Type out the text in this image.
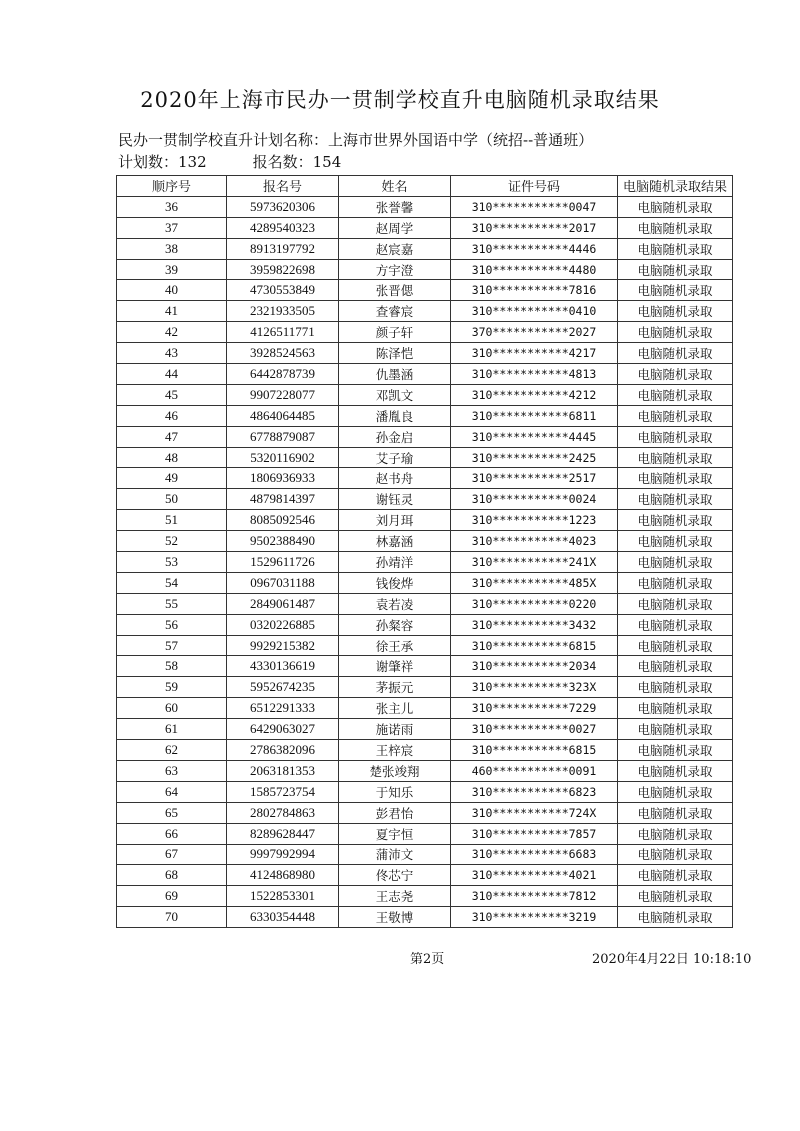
2020年上海市民办一贯制学校直升电脑随机录取结果
民办一贯制学校直升计划名称：上海市世界外国语中学（统招--普通班）
计划数：132	报名数：154
顺序号	报名号	姓名	证件号码	电脑随机录取结果
36	5973620306	张誉馨	310***********0047	电脑随机录取
37	4289540323	赵周学	310***********2017	电脑随机录取
38	8913197792	赵宸嘉	310***********4446	电脑随机录取
39	3959822698	方宇澄	310***********4480	电脑随机录取
40	4730553849	张晋偲	310***********7816	电脑随机录取
41	2321933505	查睿宸	310***********0410	电脑随机录取
42	4126511771	颜子轩	370***********2027	电脑随机录取
43	3928524563	陈泽恺	310***********4217	电脑随机录取
44	6442878739	仇墨涵	310***********4813	电脑随机录取
45	9907228077	邓凯文	310***********4212	电脑随机录取
46	4864064485	潘胤良	310***********6811	电脑随机录取
47	6778879087	孙金启	310***********4445	电脑随机录取
48	5320116902	艾子瑜	310***********2425	电脑随机录取
49	1806936933	赵书舟	310***********2517	电脑随机录取
50	4879814397	谢钰灵	310***********0024	电脑随机录取
51	8085092546	刘月珥	310***********1223	电脑随机录取
52	9502388490	林嘉涵	310***********4023	电脑随机录取
53	1529611726	孙靖洋	310***********241X	电脑随机录取
54	0967031188	钱俊烨	310***********485X	电脑随机录取
55	2849061487	袁若凌	310***********0220	电脑随机录取
56	0320226885	孙粲容	310***********3432	电脑随机录取
57	9929215382	徐王承	310***********6815	电脑随机录取
58	4330136619	谢肇祥	310***********2034	电脑随机录取
59	5952674235	茅振元	310***********323X	电脑随机录取
60	6512291333	张主儿	310***********7229	电脑随机录取
61	6429063027	施诺雨	310***********0027	电脑随机录取
62	2786382096	王梓宸	310***********6815	电脑随机录取
63	2063181353	楚张竣翔	460***********0091	电脑随机录取
64	1585723754	于知乐	310***********6823	电脑随机录取
65	2802784863	彭君怡	310***********724X	电脑随机录取
66	8289628447	夏宇恒	310***********7857	电脑随机录取
67	9997992994	蒲沛文	310***********6683	电脑随机录取
68	4124868980	佟芯宁	310***********4021	电脑随机录取
69	1522853301	王志尧	310***********7812	电脑随机录取
70	6330354448	王敬博	310***********3219	电脑随机录取
第2页	2020年4月22日 10:18:10
